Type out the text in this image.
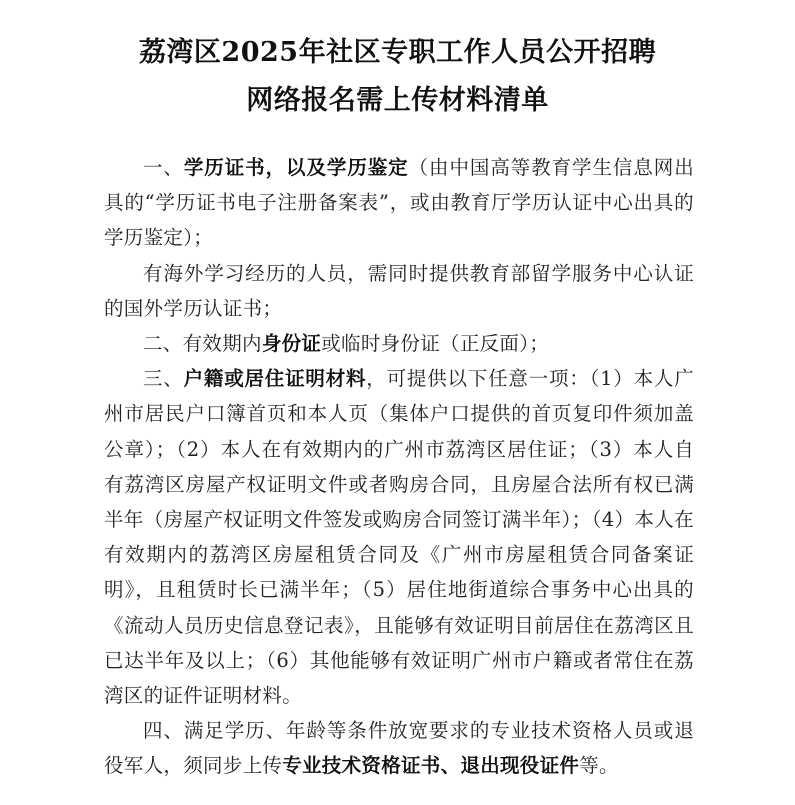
荔湾区2025年社区专职工作人员公开招聘
网络报名需上传材料清单

一、学历证书，以及学历鉴定（由中国高等教育学生信息网出具的“学历证书电子注册备案表”，或由教育厅学历认证中心出具的学历鉴定）；

有海外学习经历的人员，需同时提供教育部留学服务中心认证的国外学历认证书；

二、有效期内身份证或临时身份证（正反面）；

三、户籍或居住证明材料，可提供以下任意一项：（1）本人广州市居民户口簿首页和本人页（集体户口提供的首页复印件须加盖公章）；（2）本人在有效期内的广州市荔湾区居住证；（3）本人自有荔湾区房屋产权证明文件或者购房合同，且房屋合法所有权已满半年（房屋产权证明文件签发或购房合同签订满半年）；（4）本人在有效期内的荔湾区房屋租赁合同及《广州市房屋租赁合同备案证明》，且租赁时长已满半年；（5）居住地街道综合事务中心出具的《流动人员历史信息登记表》，且能够有效证明目前居住在荔湾区且已达半年及以上；（6）其他能够有效证明广州市户籍或者常住在荔湾区的证件证明材料。

四、满足学历、年龄等条件放宽要求的专业技术资格人员或退役军人，须同步上传专业技术资格证书、退出现役证件等。
